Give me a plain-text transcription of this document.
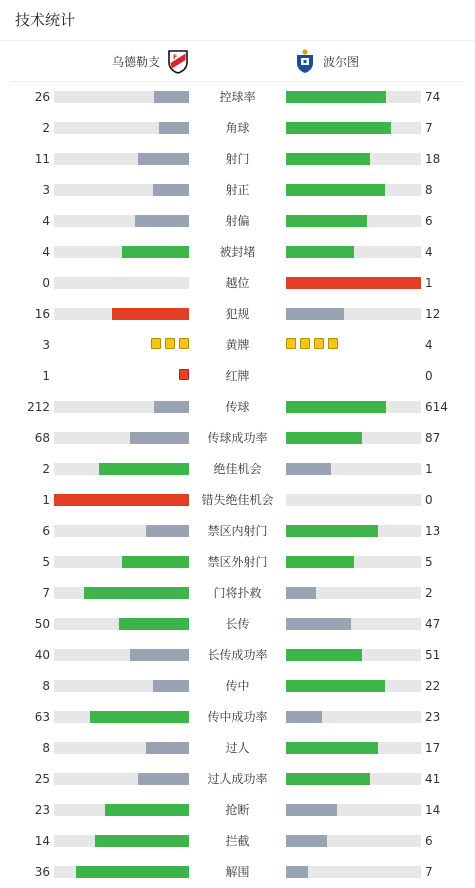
技术统计
乌德勒支 F	波尔图
26	控球率	74
2	角球	7
11	射门	18
3	射正	8
4	射偏	6
4	被封堵	4
0	越位	1
16	犯规	12
3	黄牌	4
1	红牌	0
212	传球	614
68	传球成功率	87
2	绝佳机会	1
1	错失绝佳机会	0
6	禁区内射门	13
5	禁区外射门	5
7	门将扑救	2
50	长传	47
40	长传成功率	51
8	传中	22
63	传中成功率	23
8	过人	17
25	过人成功率	41
23	抢断	14
14	拦截	6
36	解围	7
